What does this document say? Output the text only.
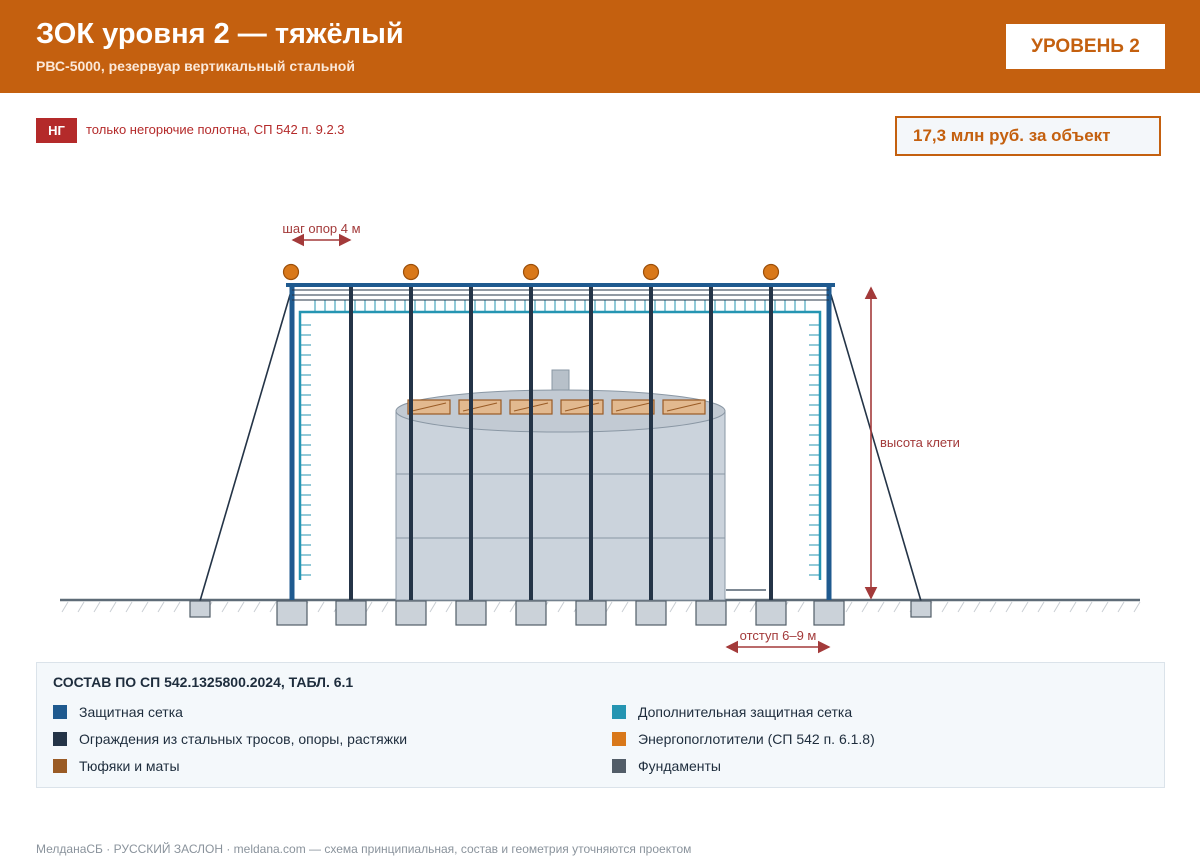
ЗОК уровня 2 — тяжёлый
РВС-5000, резервуар вертикальный стальной
УРОВЕНЬ 2
НГ	только негорючие полотна, СП 542 п. 9.2.3	17,3 млн руб. за объект
шаг опор 4 м
высота клети
отступ 6–9 м
СОСТАВ ПО СП 542.1325800.2024, ТАБЛ. 6.1
Защитная сетка	Дополнительная защитная сетка
Ограждения из стальных тросов, опоры, растяжки	Энергопоглотители (СП 542 п. 6.1.8)
Тюфяки и маты	Фундаменты
МелданаСБ · РУССКИЙ ЗАСЛОН · meldana.com — схема принципиальная, состав и геометрия уточняются проектом
